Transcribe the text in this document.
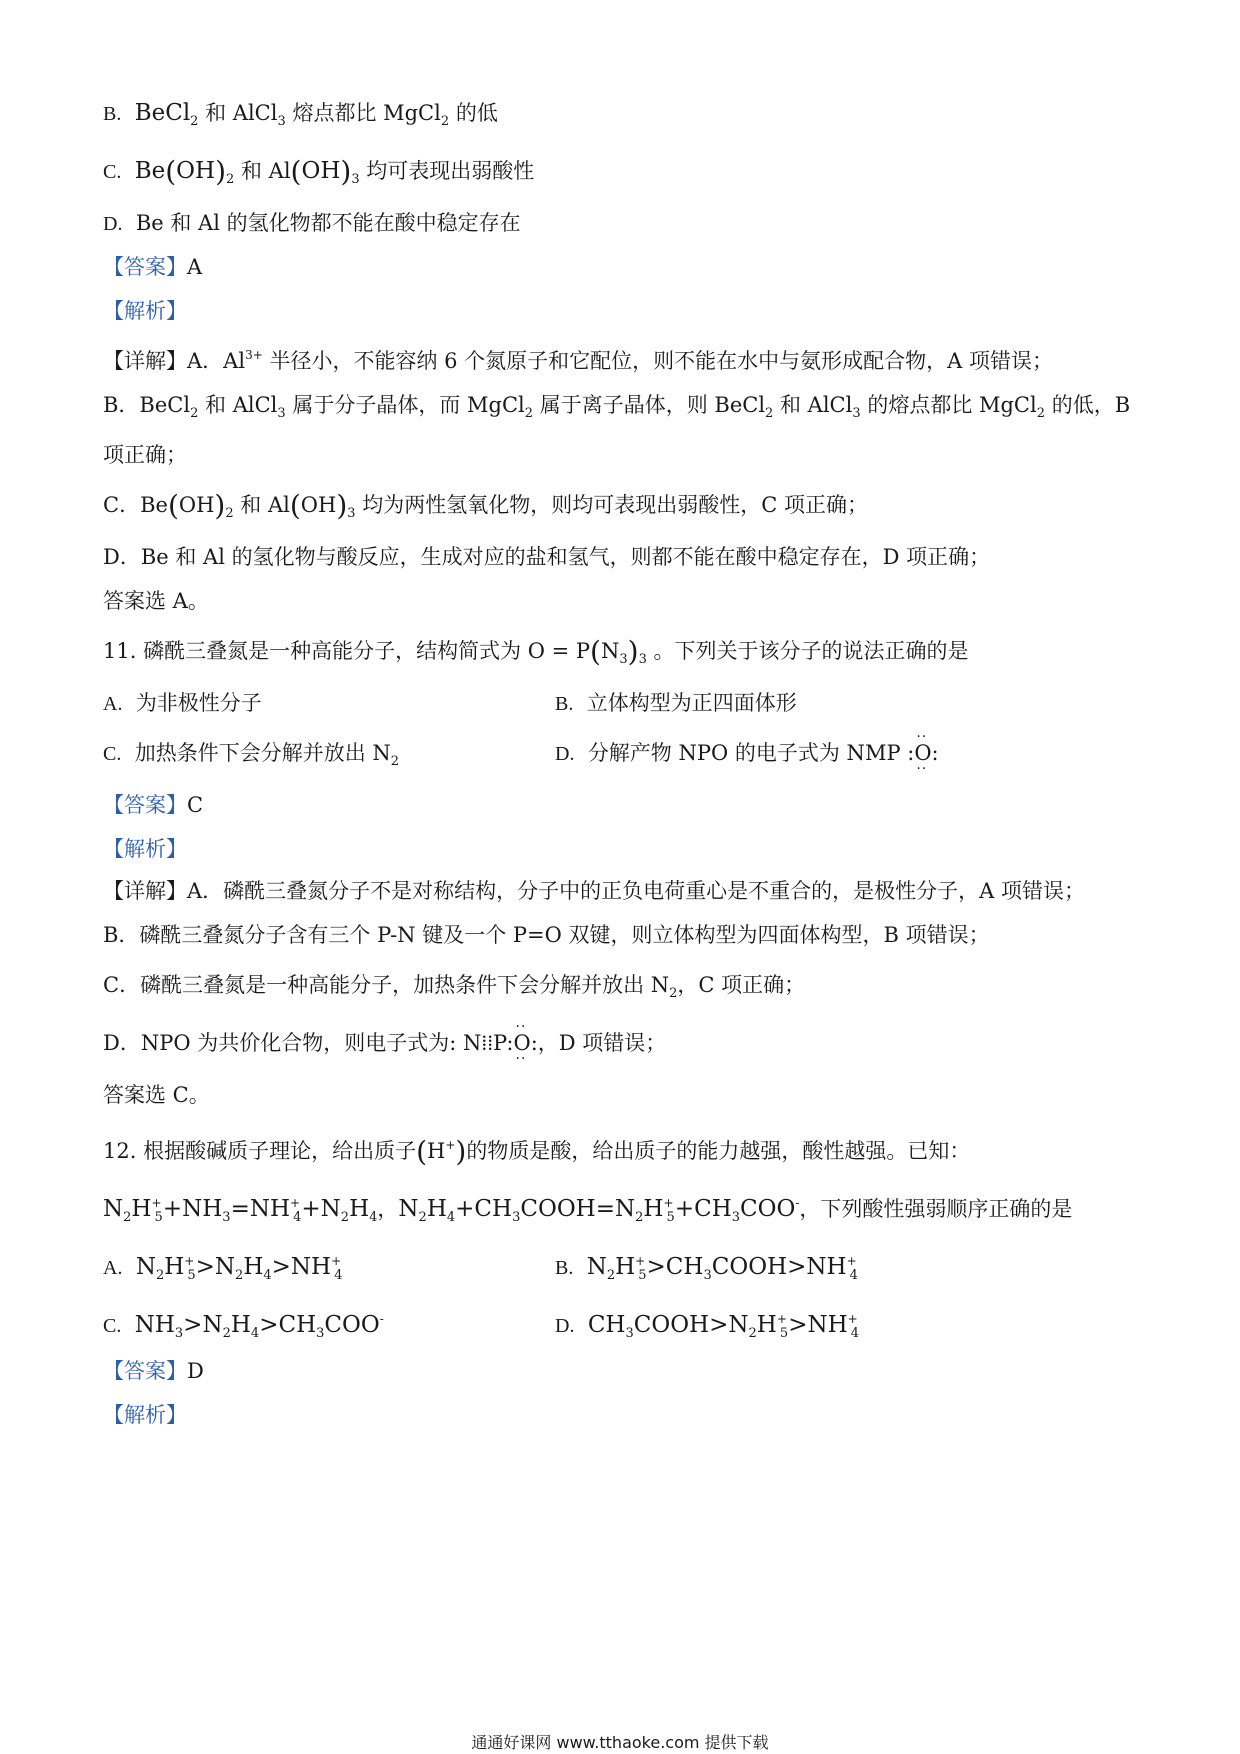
B. BeCl$_2$ 和 AlCl$_3$ 熔点都比 MgCl$_2$ 的低
C. $Be(OH)_2$ 和 $Al(OH)_3$ 均可表现出弱酸性
D. Be 和 Al 的氢化物都不能在酸中稳定存在
【答案】A
【解析】
【详解】A．$Al^{3+}$ 半径小，不能容纳 6 个氮原子和它配位，则不能在水中与氨形成配合物，A 项错误；
B．BeCl$_2$ 和 AlCl$_3$ 属于分子晶体，而 MgCl$_2$ 属于离子晶体，则 BeCl$_2$ 和 AlCl$_3$ 的熔点都比 MgCl$_2$ 的低，B
项正确；
C．$Be(OH)_2$ 和 $Al(OH)_3$ 均为两性氢氧化物，则均可表现出弱酸性，C 项正确；
D．Be 和 Al 的氢化物与酸反应，生成对应的盐和氢气，则都不能在酸中稳定存在，D 项正确；
答案选 A。
11. 磷酰三叠氮是一种高能分子，结构简式为 $O = P(N_3)_3$ 。下列关于该分子的说法正确的是
A. 为非极性分子	B. 立体构型为正四面体形
C. 加热条件下会分解并放出 $N_2$	D. 分解产物 NPO 的电子式为 NMP :·· O ··:
【答案】C
【解析】
【详解】A．磷酰三叠氮分子不是对称结构，分子中的正负电荷重心是不重合的，是极性分子，A 项错误；
B．磷酰三叠氮分子含有三个 P-N 键及一个 P=O 双键，则立体构型为四面体构型，B 项错误；
C．磷酰三叠氮是一种高能分子，加热条件下会分解并放出 $N_2$，C 项正确；
D．NPO 为共价化合物，则电子式为: N⁞⁞P:·· O ··:，D 项错误；
答案选 C。
12. 根据酸碱质子理论，给出质子(H+)的物质是酸，给出质子的能力越强，酸性越强。已知：
$N_2H^+_5+NH_3=NH^+_4+N_2H_4$，$N_2H_4+CH_3COOH=N_2H^+_5+CH_3COO^-$，下列酸性强弱顺序正确的是
A. $N_2H^+_5>N_2H_4>NH^+_4$	B. $N_2H^+_5>CH_3COOH>NH^+_4$
C. $NH_3>N_2H_4>CH_3COO^-$	D. $CH_3COOH>N_2H^+_5>NH^+_4$
【答案】D
【解析】
通通好课网 www.tthaoke.com 提供下载
